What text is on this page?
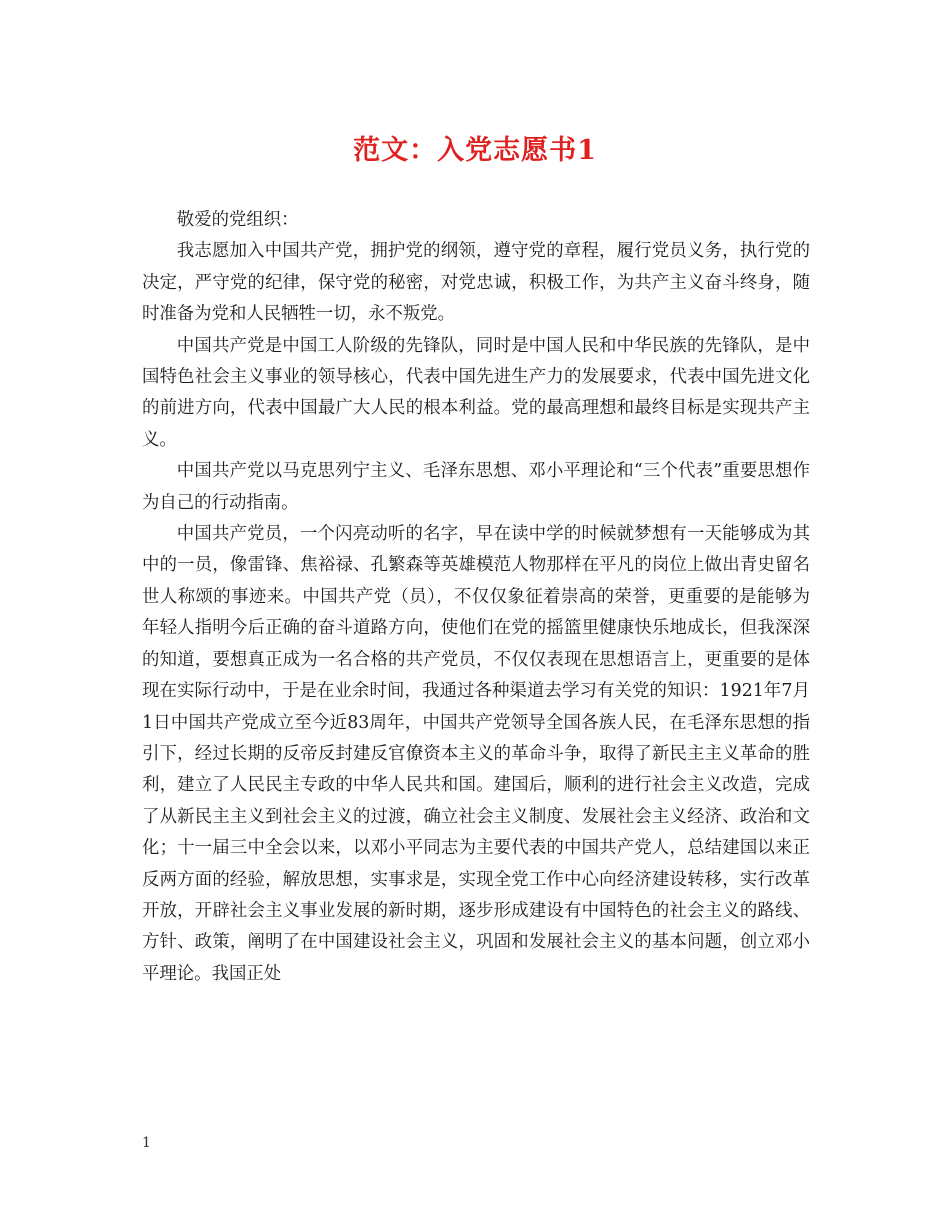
范文：入党志愿书1

敬爱的党组织：

我志愿加入中国共产党，拥护党的纲领，遵守党的章程，履行党员义务，执行党的决定，严守党的纪律，保守党的秘密，对党忠诚，积极工作，为共产主义奋斗终身，随时准备为党和人民牺牲一切，永不叛党。

中国共产党是中国工人阶级的先锋队，同时是中国人民和中华民族的先锋队，是中国特色社会主义事业的领导核心，代表中国先进生产力的发展要求，代表中国先进文化的前进方向，代表中国最广大人民的根本利益。党的最高理想和最终目标是实现共产主义。

中国共产党以马克思列宁主义、毛泽东思想、邓小平理论和“三个代表”重要思想作为自己的行动指南。

中国共产党员，一个闪亮动听的名字，早在读中学的时候就梦想有一天能够成为其中的一员，像雷锋、焦裕禄、孔繁森等英雄模范人物那样在平凡的岗位上做出青史留名世人称颂的事迹来。中国共产党（员），不仅仅象征着崇高的荣誉，更重要的是能够为年轻人指明今后正确的奋斗道路方向，使他们在党的摇篮里健康快乐地成长，但我深深的知道，要想真正成为一名合格的共产党员，不仅仅表现在思想语言上，更重要的是体现在实际行动中，于是在业余时间，我通过各种渠道去学习有关党的知识：1921年7月1日中国共产党成立至今近83周年，中国共产党领导全国各族人民，在毛泽东思想的指引下，经过长期的反帝反封建反官僚资本主义的革命斗争，取得了新民主主义革命的胜利，建立了人民民主专政的中华人民共和国。建国后，顺利的进行社会主义改造，完成了从新民主主义到社会主义的过渡，确立社会主义制度、发展社会主义经济、政治和文化；十一届三中全会以来，以邓小平同志为主要代表的中国共产党人，总结建国以来正反两方面的经验，解放思想，实事求是，实现全党工作中心向经济建设转移，实行改革开放，开辟社会主义事业发展的新时期，逐步形成建设有中国特色的社会主义的路线、方针、政策，阐明了在中国建设社会主义，巩固和发展社会主义的基本问题，创立邓小平理论。我国正处

1
